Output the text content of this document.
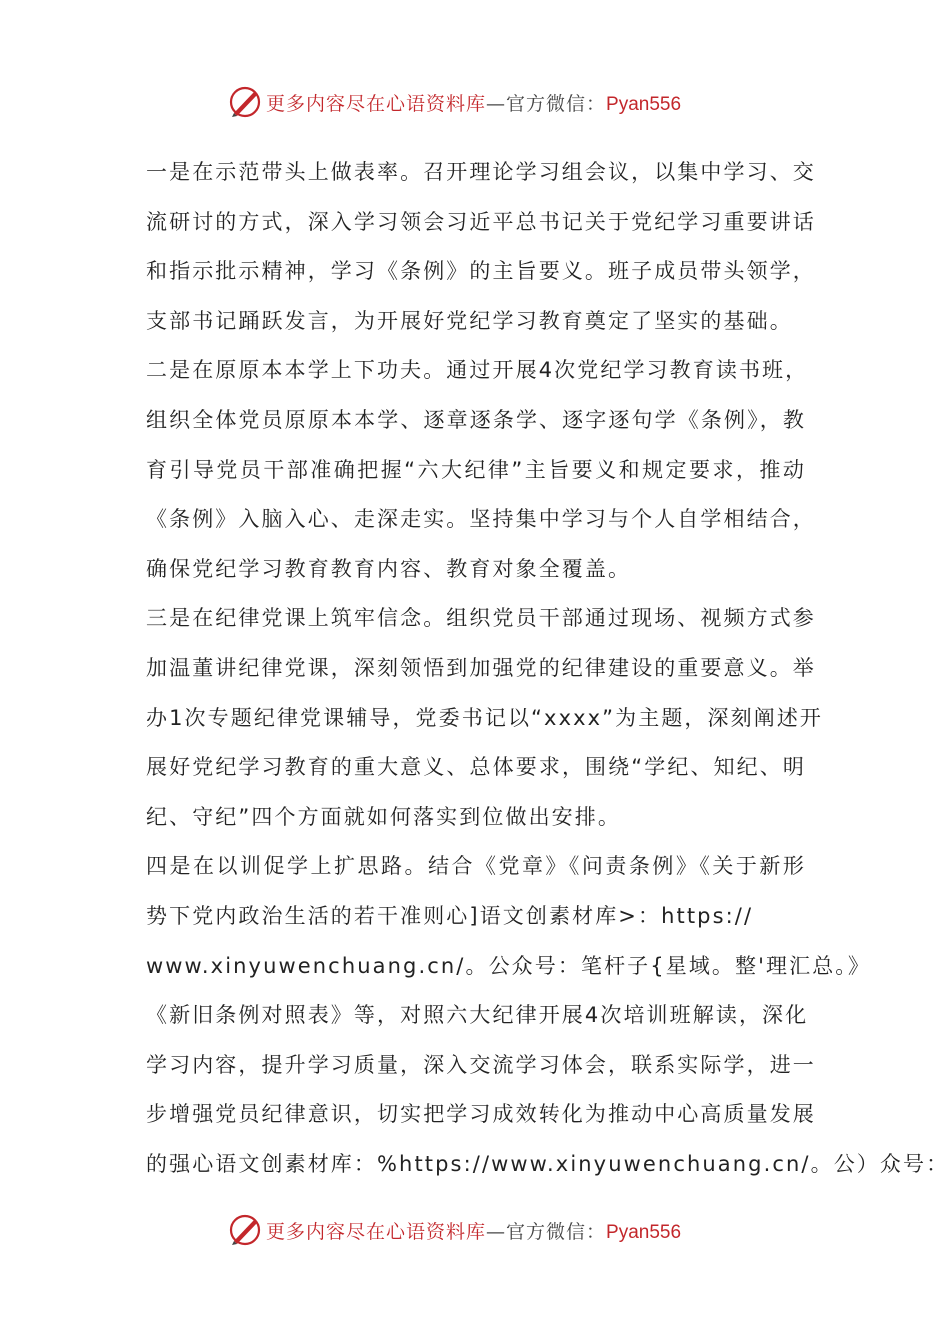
更多内容尽在心语资料库—官方微信：Pyan556
一是在示范带头上做表率。召开理论学习组会议，以集中学习、交
流研讨的方式，深入学习领会习近平总书记关于党纪学习重要讲话
和指示批示精神，学习《条例》的主旨要义。班子成员带头领学，
支部书记踊跃发言，为开展好党纪学习教育奠定了坚实的基础。
二是在原原本本学上下功夫。通过开展4次党纪学习教育读书班，
组织全体党员原原本本学、逐章逐条学、逐字逐句学《条例》，教
育引导党员干部准确把握“六大纪律”主旨要义和规定要求，推动
《条例》入脑入心、走深走实。坚持集中学习与个人自学相结合，
确保党纪学习教育教育内容、教育对象全覆盖。
三是在纪律党课上筑牢信念。组织党员干部通过现场、视频方式参
加温董讲纪律党课，深刻领悟到加强党的纪律建设的重要意义。举
办1次专题纪律党课辅导，党委书记以“xxxx”为主题，深刻阐述开
展好党纪学习教育的重大意义、总体要求，围绕“学纪、知纪、明
纪、守纪”四个方面就如何落实到位做出安排。
四是在以训促学上扩思路。结合《党章》《问责条例》《关于新形
势下党内政治生活的若干准则心]语文创素材库>：https://
www.xinyuwenchuang.cn/。公众号：笔杆子{星域。整'理汇总。》
《新旧条例对照表》等，对照六大纪律开展4次培训班解读，深化
学习内容，提升学习质量，深入交流学习体会，联系实际学，进一
步增强党员纪律意识，切实把学习成效转化为推动中心高质量发展
的强心语文创素材库：%https://www.xinyuwenchuang.cn/。公）众号：
更多内容尽在心语资料库—官方微信：Pyan556
